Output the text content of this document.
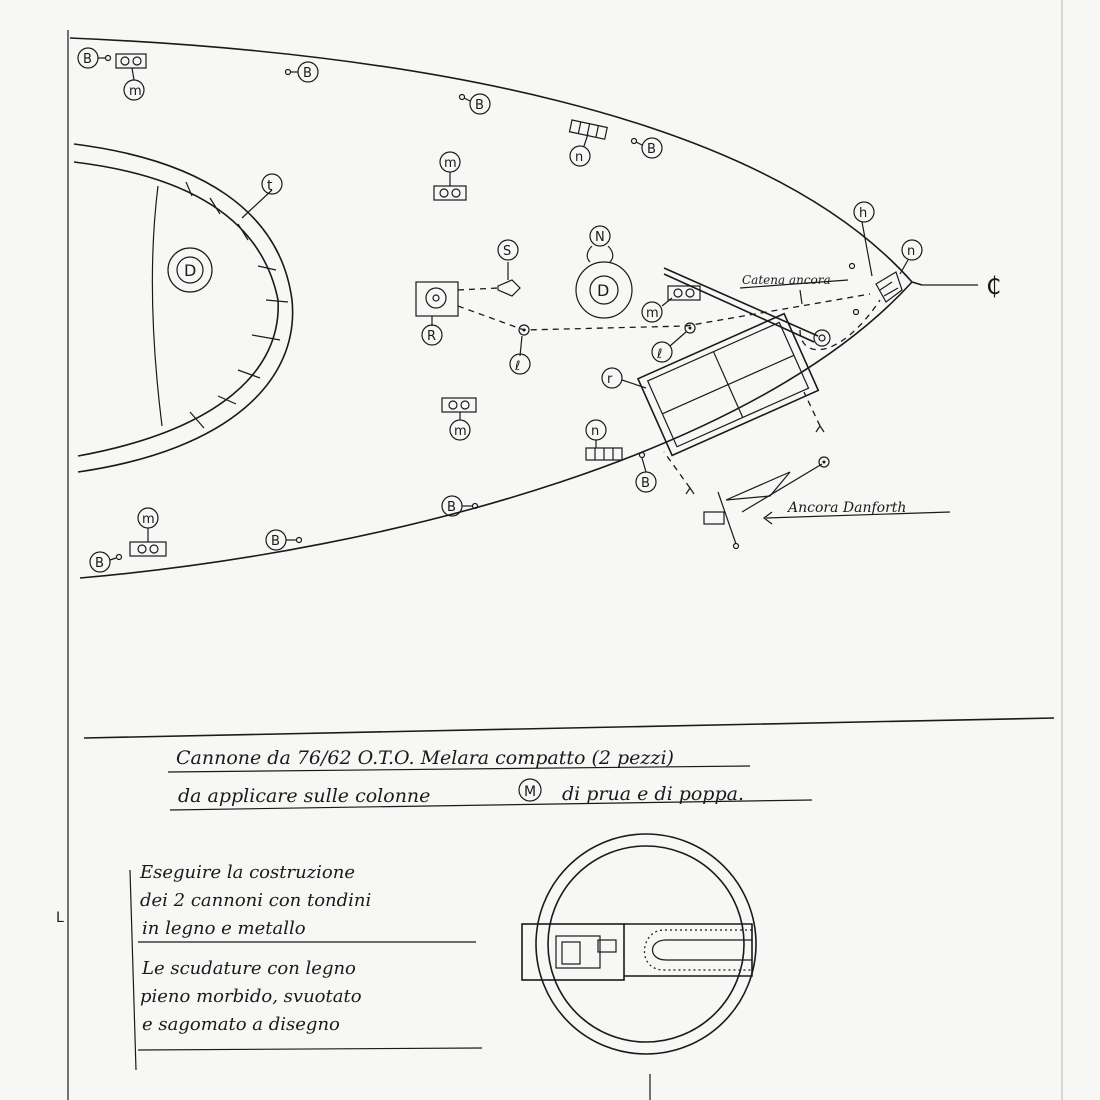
₵
t
D
B
B
B
B
B
B
B
B
m
m
m
m
m
n
n
R
S
D
N
ℓ
ℓ
r
h
n
Catena ancora
Ancora Danforth
Cannone da 76/62 O.T.O. Melara compatto (2 pezzi)
da applicare sulle colonne	M di prua e di poppa.
L
Eseguire la costruzione
dei 2 cannoni con tondini
in legno e metallo
Le scudature con legno
pieno morbido, svuotato
e sagomato a disegno
